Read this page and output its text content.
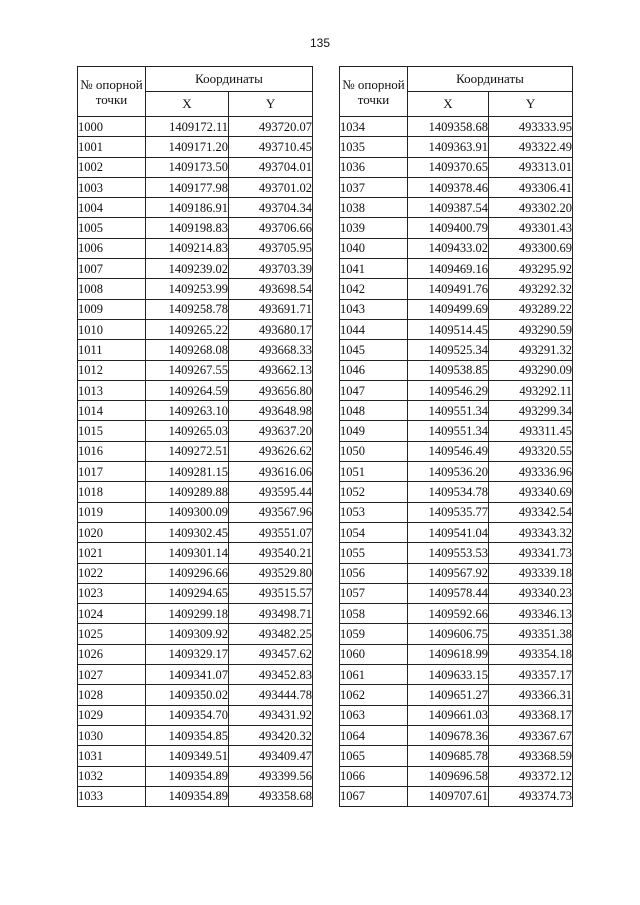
135
№ опорной точки	Координаты	
	X	Y
1000	1409172.11	493720.07
1001	1409171.20	493710.45
1002	1409173.50	493704.01
1003	1409177.98	493701.02
1004	1409186.91	493704.34
1005	1409198.83	493706.66
1006	1409214.83	493705.95
1007	1409239.02	493703.39
1008	1409253.99	493698.54
1009	1409258.78	493691.71
1010	1409265.22	493680.17
1011	1409268.08	493668.33
1012	1409267.55	493662.13
1013	1409264.59	493656.80
1014	1409263.10	493648.98
1015	1409265.03	493637.20
1016	1409272.51	493626.62
1017	1409281.15	493616.06
1018	1409289.88	493595.44
1019	1409300.09	493567.96
1020	1409302.45	493551.07
1021	1409301.14	493540.21
1022	1409296.66	493529.80
1023	1409294.65	493515.57
1024	1409299.18	493498.71
1025	1409309.92	493482.25
1026	1409329.17	493457.62
1027	1409341.07	493452.83
1028	1409350.02	493444.78
1029	1409354.70	493431.92
1030	1409354.85	493420.32
1031	1409349.51	493409.47
1032	1409354.89	493399.56
1033	1409354.89	493358.68
№ опорной точки	Координаты	
	X	Y
1034	1409358.68	493333.95
1035	1409363.91	493322.49
1036	1409370.65	493313.01
1037	1409378.46	493306.41
1038	1409387.54	493302.20
1039	1409400.79	493301.43
1040	1409433.02	493300.69
1041	1409469.16	493295.92
1042	1409491.76	493292.32
1043	1409499.69	493289.22
1044	1409514.45	493290.59
1045	1409525.34	493291.32
1046	1409538.85	493290.09
1047	1409546.29	493292.11
1048	1409551.34	493299.34
1049	1409551.34	493311.45
1050	1409546.49	493320.55
1051	1409536.20	493336.96
1052	1409534.78	493340.69
1053	1409535.77	493342.54
1054	1409541.04	493343.32
1055	1409553.53	493341.73
1056	1409567.92	493339.18
1057	1409578.44	493340.23
1058	1409592.66	493346.13
1059	1409606.75	493351.38
1060	1409618.99	493354.18
1061	1409633.15	493357.17
1062	1409651.27	493366.31
1063	1409661.03	493368.17
1064	1409678.36	493367.67
1065	1409685.78	493368.59
1066	1409696.58	493372.12
1067	1409707.61	493374.73
